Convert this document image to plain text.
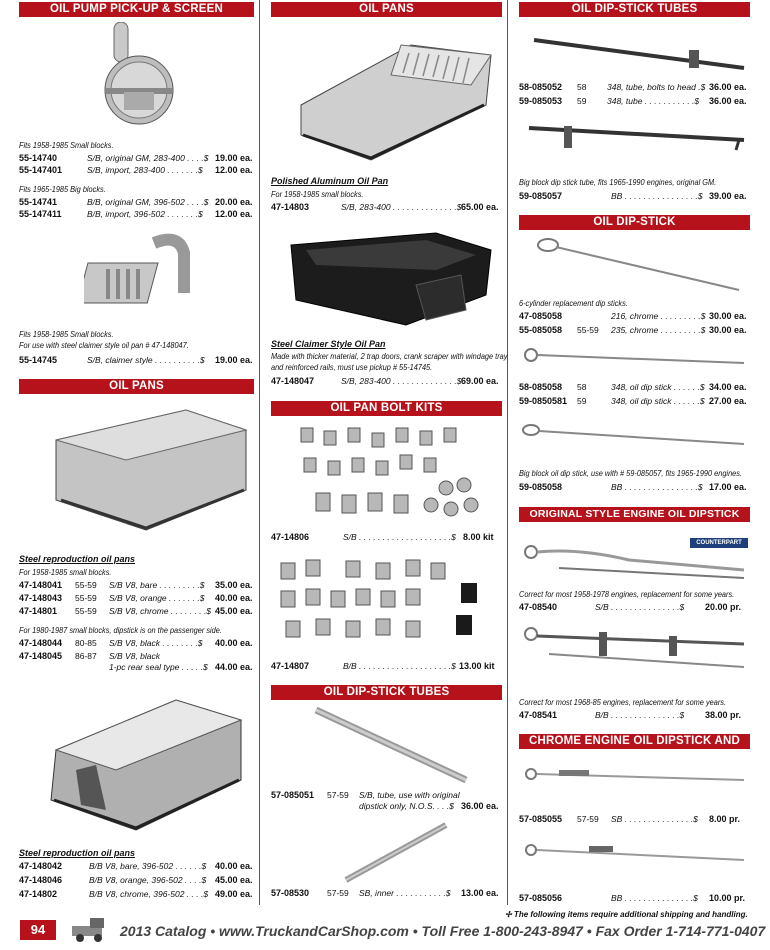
OIL PUMP PICK-UP & SCREEN
Fits 1958-1985 Small blocks.
55-14740	S/B, original GM, 283-400 . . . .$ 19.00 ea.
55-147401	S/B, import, 283-400 . . . . . . .$ 12.00 ea.
Fits 1965-1985 Big blocks.
55-14741	B/B, original GM, 396-502 . . . .$ 20.00 ea.
55-147411	B/B, import, 396-502 . . . . . . .$ 12.00 ea.
Fits 1958-1985 Small blocks.
For use with steel claimer style oil pan # 47-148047.
55-14745	S/B, claimer style . . . . . . . . . .$ 19.00 ea.
OIL PANS
Steel reproduction oil pans
For 1958-1985 small blocks.
47-148041 55-59 S/B V8, bare . . . . . . . . .$ 35.00 ea.
47-148043 55-59 S/B V8, orange . . . . . . .$ 40.00 ea.
47-14801 55-59 S/B V8, chrome . . . . . . . .$ 45.00 ea.
For 1980-1987 small blocks, dipstick is on the passenger side.
47-148044 80-85 S/B V8, black . . . . . . . .$ 40.00 ea.
47-148045 86-87 S/B V8, black
1-pc rear seal type . . . . .$ 44.00 ea.
Steel reproduction oil pans
47-148042	B/B V8, bare, 396-502 . . . . . .$ 40.00 ea.
47-148046	B/B V8, orange, 396-502 . . . .$ 45.00 ea.
47-14802	B/B V8, chrome, 396-502 . . . .$ 49.00 ea.
OIL PANS
Polished Aluminum Oil Pan
For 1958-1985 small blocks.
47-14803	S/B, 283-400 . . . . . . . . . . . . . .$ 65.00 ea.
Steel Claimer Style Oil Pan
Made with thicker material, 2 trap doors, crank scraper with windage tray
and reinforced rails, must use pickup # 55-14745.
47-148047	S/B, 283-400 . . . . . . . . . . . . . .$ 69.00 ea.
OIL PAN BOLT KITS
47-14806	S/B . . . . . . . . . . . . . . . . . . . .$ 8.00 kit
47-14807	B/B . . . . . . . . . . . . . . . . . . . .$ 13.00 kit
OIL DIP-STICK TUBES
57-085051 57-59 S/B, tube, use with original
dipstick only, N.O.S. . . .$ 36.00 ea.
57-08530 57-59 SB, inner . . . . . . . . . . .$ 13.00 ea.
OIL DIP-STICK TUBES
58-085052 58 348, tube, bolts to head .$ 36.00 ea.
59-085053 59 348, tube . . . . . . . . . . .$ 36.00 ea.
Big block dip stick tube, fits 1965-1990 engines, original GM.
59-085057	BB . . . . . . . . . . . . . . . .$ 39.00 ea.
OIL DIP-STICK
6-cylinder replacement dip sticks.
47-085058	216, chrome . . . . . . . . .$ 30.00 ea.
55-085058 55-59 235, chrome . . . . . . . . .$ 30.00 ea.
58-085058 58	348, oil dip stick . . . . . .$ 34.00 ea.
59-0850581 59	348, oil dip stick . . . . . .$ 27.00 ea.
Big block oil dip stick, use with # 59-085057, fits 1965-1990 engines.
59-085058	BB . . . . . . . . . . . . . . . .$ 17.00 ea.
ORIGINAL STYLE ENGINE OIL DIPSTICK AND TUBE
COUNTERPART
Correct for most 1958-1978 engines, replacement for some years.
47-08540	S/B . . . . . . . . . . . . . . .$ 20.00 pr.
Correct for most 1968-85 engines, replacement for some years.
47-08541	B/B . . . . . . . . . . . . . . .$ 38.00 pr.
CHROME ENGINE OIL DIPSTICK AND TUBES
57-085055 57-59 SB . . . . . . . . . . . . . . .$ 8.00 pr.
57-085056	BB . . . . . . . . . . . . . . .$ 10.00 pr.
✢ The following items require additional shipping and handling.
94	2013 Catalog • www.TruckandCarShop.com • Toll Free 1-800-243-8947 • Fax Order 1-714-771-0407
